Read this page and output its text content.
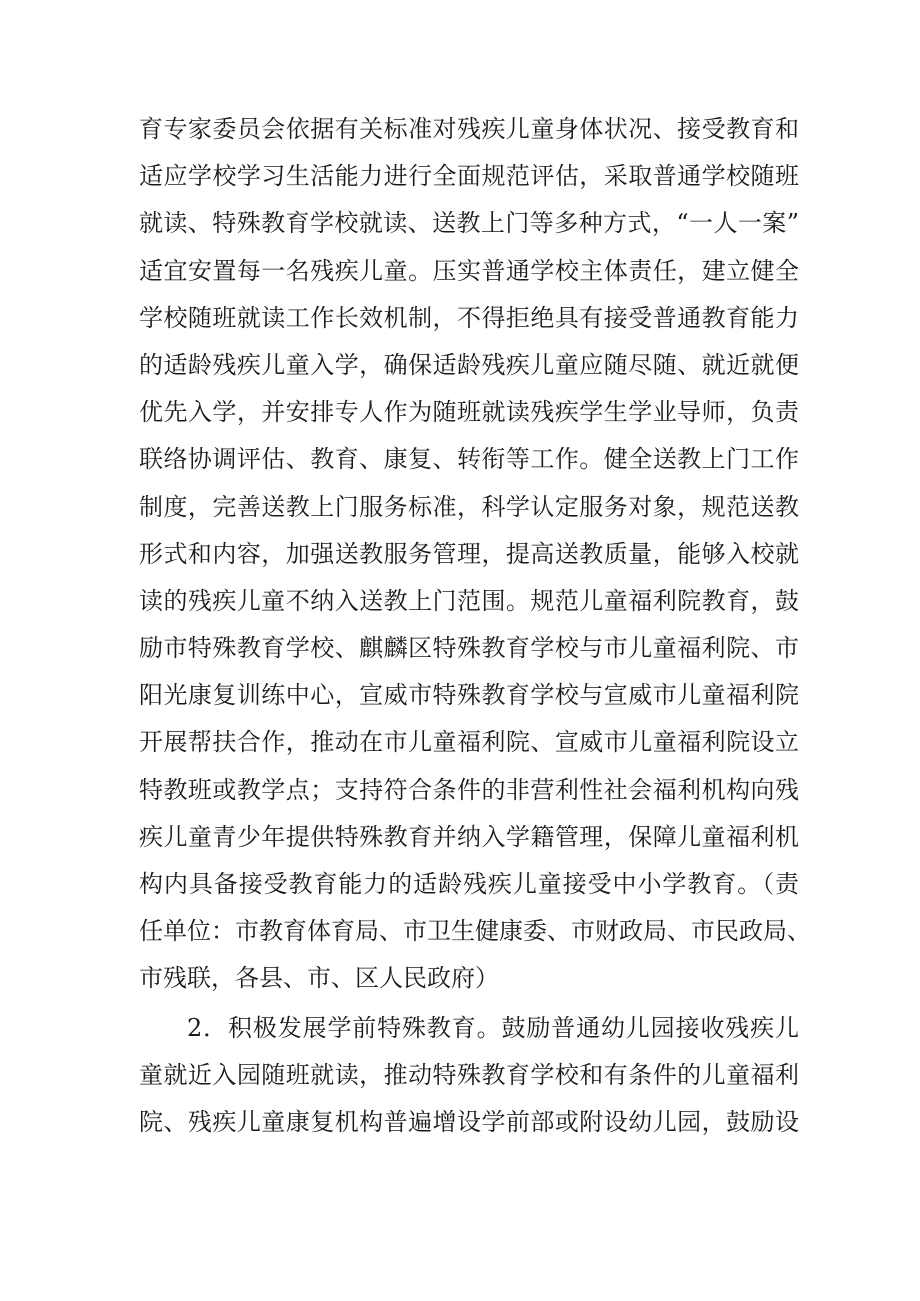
育专家委员会依据有关标准对残疾儿童身体状况、接受教育和
适应学校学习生活能力进行全面规范评估，采取普通学校随班
就读、特殊教育学校就读、送教上门等多种方式，“一人一案”
适宜安置每一名残疾儿童。压实普通学校主体责任，建立健全
学校随班就读工作长效机制，不得拒绝具有接受普通教育能力
的适龄残疾儿童入学，确保适龄残疾儿童应随尽随、就近就便
优先入学，并安排专人作为随班就读残疾学生学业导师，负责
联络协调评估、教育、康复、转衔等工作。健全送教上门工作
制度，完善送教上门服务标准，科学认定服务对象，规范送教
形式和内容，加强送教服务管理，提高送教质量，能够入校就
读的残疾儿童不纳入送教上门范围。规范儿童福利院教育，鼓
励市特殊教育学校、麒麟区特殊教育学校与市儿童福利院、市
阳光康复训练中心，宣威市特殊教育学校与宣威市儿童福利院
开展帮扶合作，推动在市儿童福利院、宣威市儿童福利院设立
特教班或教学点；支持符合条件的非营利性社会福利机构向残
疾儿童青少年提供特殊教育并纳入学籍管理，保障儿童福利机
构内具备接受教育能力的适龄残疾儿童接受中小学教育。（责
任单位：市教育体育局、市卫生健康委、市财政局、市民政局、
市残联，各县、市、区人民政府）
2．积极发展学前特殊教育。鼓励普通幼儿园接收残疾儿
童就近入园随班就读，推动特殊教育学校和有条件的儿童福利
院、残疾儿童康复机构普遍增设学前部或附设幼儿园，鼓励设
